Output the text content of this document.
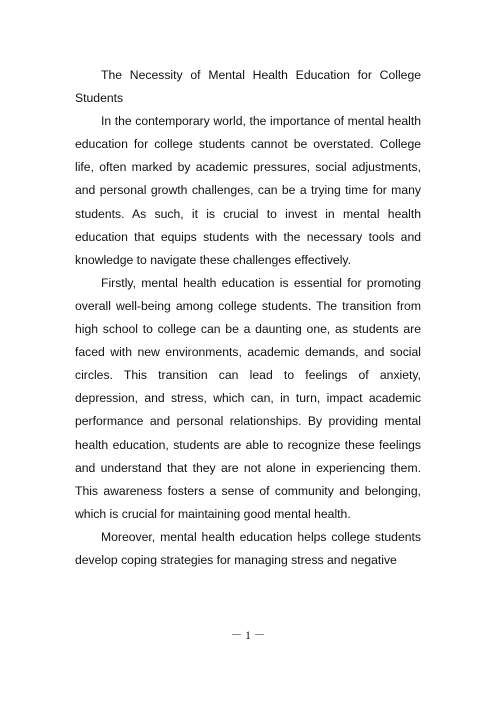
The Necessity of Mental Health Education for College Students

In the contemporary world, the importance of mental health education for college students cannot be overstated. College life, often marked by academic pressures, social adjustments, and personal growth challenges, can be a trying time for many students. As such, it is crucial to invest in mental health education that equips students with the necessary tools and knowledge to navigate these challenges effectively.

Firstly, mental health education is essential for promoting overall well-being among college students. The transition from high school to college can be a daunting one, as students are faced with new environments, academic demands, and social circles. This transition can lead to feelings of anxiety, depression, and stress, which can, in turn, impact academic performance and personal relationships. By providing mental health education, students are able to recognize these feelings and understand that they are not alone in experiencing them. This awareness fosters a sense of community and belonging, which is crucial for maintaining good mental health.

Moreover, mental health education helps college students develop coping strategies for managing stress and negative

－ 1 －
